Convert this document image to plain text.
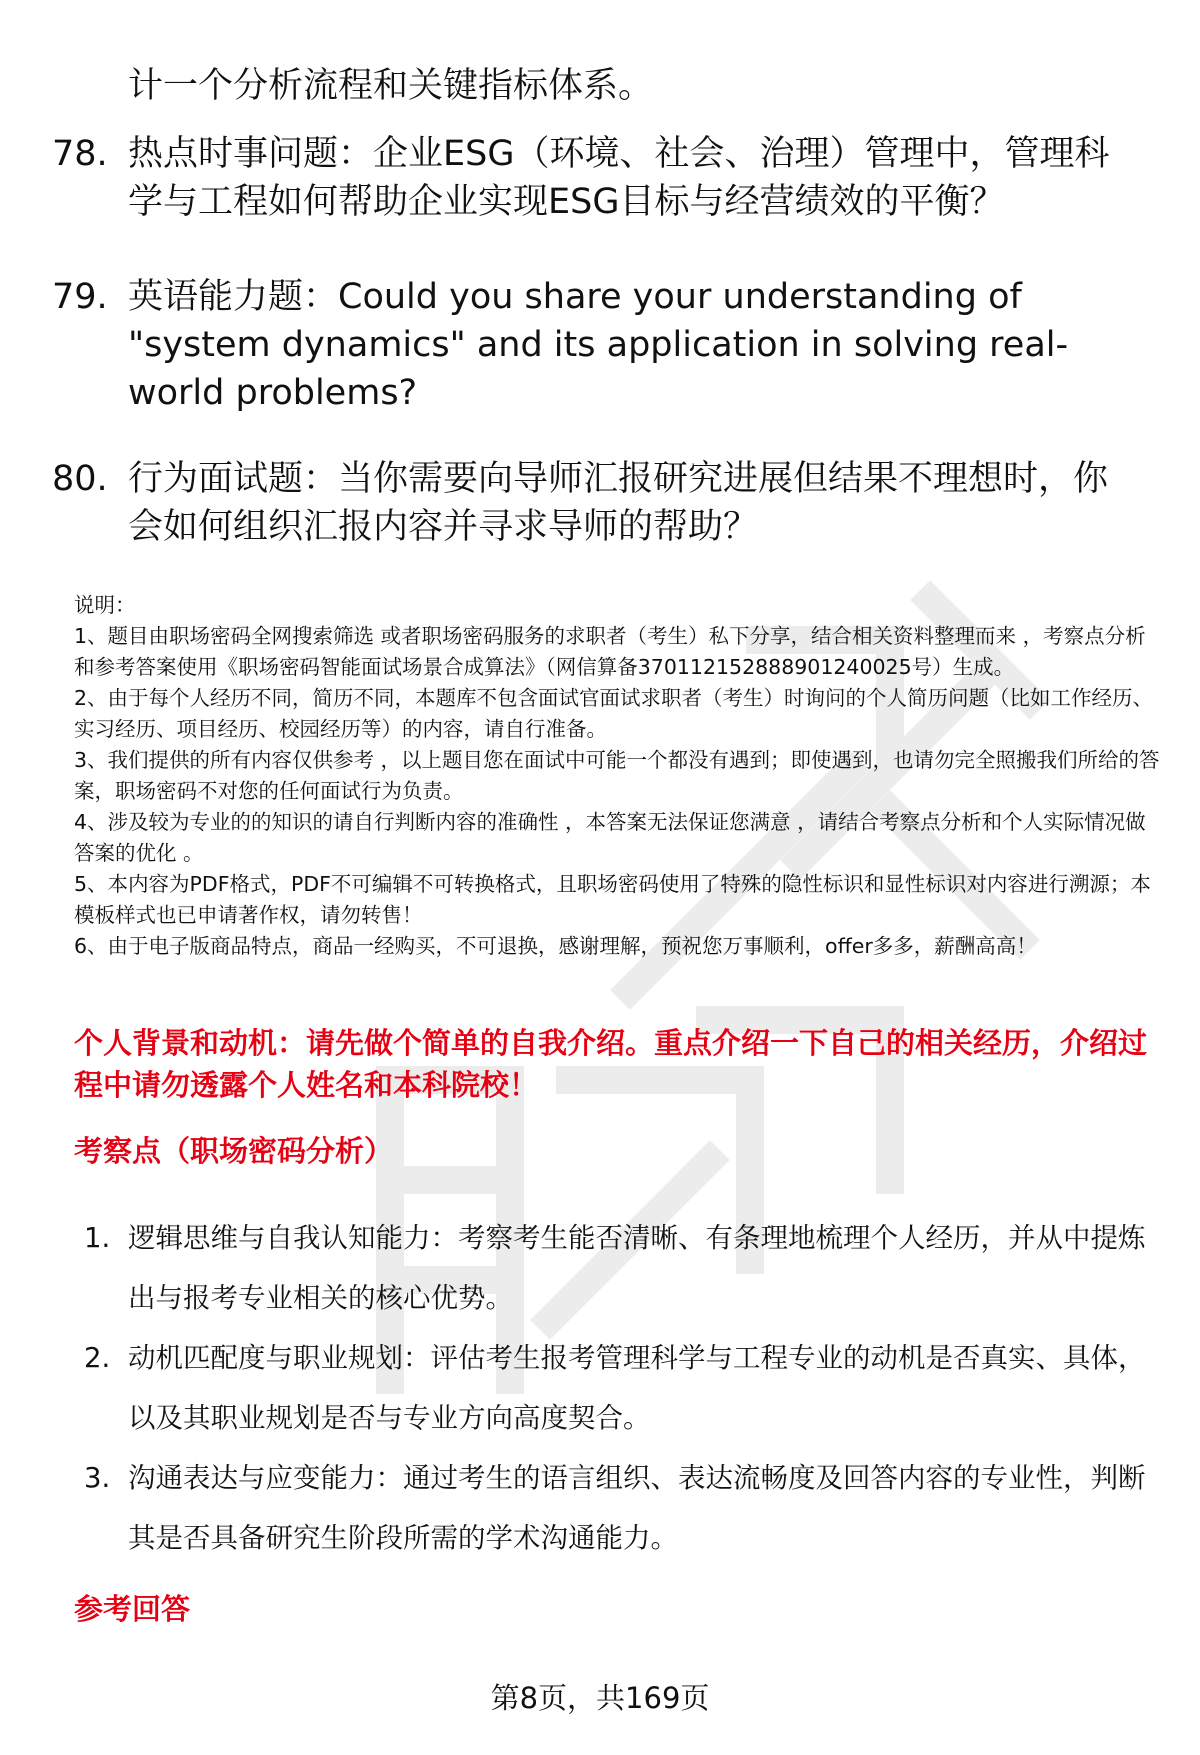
计一个分析流程和关键指标体系。
78. 热点时事问题：企业ESG（环境、社会、治理）管理中，管理科学与工程如何帮助企业实现ESG目标与经营绩效的平衡？
79. 英语能力题：Could you share your understanding of "system dynamics" and its application in solving real-world problems?
80. 行为面试题：当你需要向导师汇报研究进展但结果不理想时，你会如何组织汇报内容并寻求导师的帮助？

说明：

1、题目由职场密码全网搜索筛选 或者职场密码服务的求职者（考生）私下分享，结合相关资料整理而来 ，考察点分析和参考答案使用《职场密码智能面试场景合成算法》（网信算备370112152888901240025号）生成。

2、由于每个人经历不同，简历不同，本题库不包含面试官面试求职者（考生）时询问的个人简历问题（比如工作经历、实习经历、项目经历、校园经历等）的内容，请自行准备。

3、我们提供的所有内容仅供参考 ，以上题目您在面试中可能一个都没有遇到；即使遇到，也请勿完全照搬我们所给的答案，职场密码不对您的任何面试行为负责。

4、涉及较为专业的的知识的请自行判断内容的准确性 ，本答案无法保证您满意 ，请结合考察点分析和个人实际情况做答案的优化 。

5、本内容为PDF格式，PDF不可编辑不可转换格式，且职场密码使用了特殊的隐性标识和显性标识对内容进行溯源；本模板样式也已申请著作权，请勿转售！

6、由于电子版商品特点，商品一经购买，不可退换，感谢理解，预祝您万事顺利，offer多多，薪酬高高！

个人背景和动机：请先做个简单的自我介绍。重点介绍一下自己的相关经历，介绍过程中请勿透露个人姓名和本科院校！
考察点（职场密码分析）
1. 逻辑思维与自我认知能力：考察考生能否清晰、有条理地梳理个人经历，并从中提炼出与报考专业相关的核心优势。
2. 动机匹配度与职业规划：评估考生报考管理科学与工程专业的动机是否真实、具体，以及其职业规划是否与专业方向高度契合。
3. 沟通表达与应变能力：通过考生的语言组织、表达流畅度及回答内容的专业性，判断其是否具备研究生阶段所需的学术沟通能力。
参考回答
第8页，共169页
